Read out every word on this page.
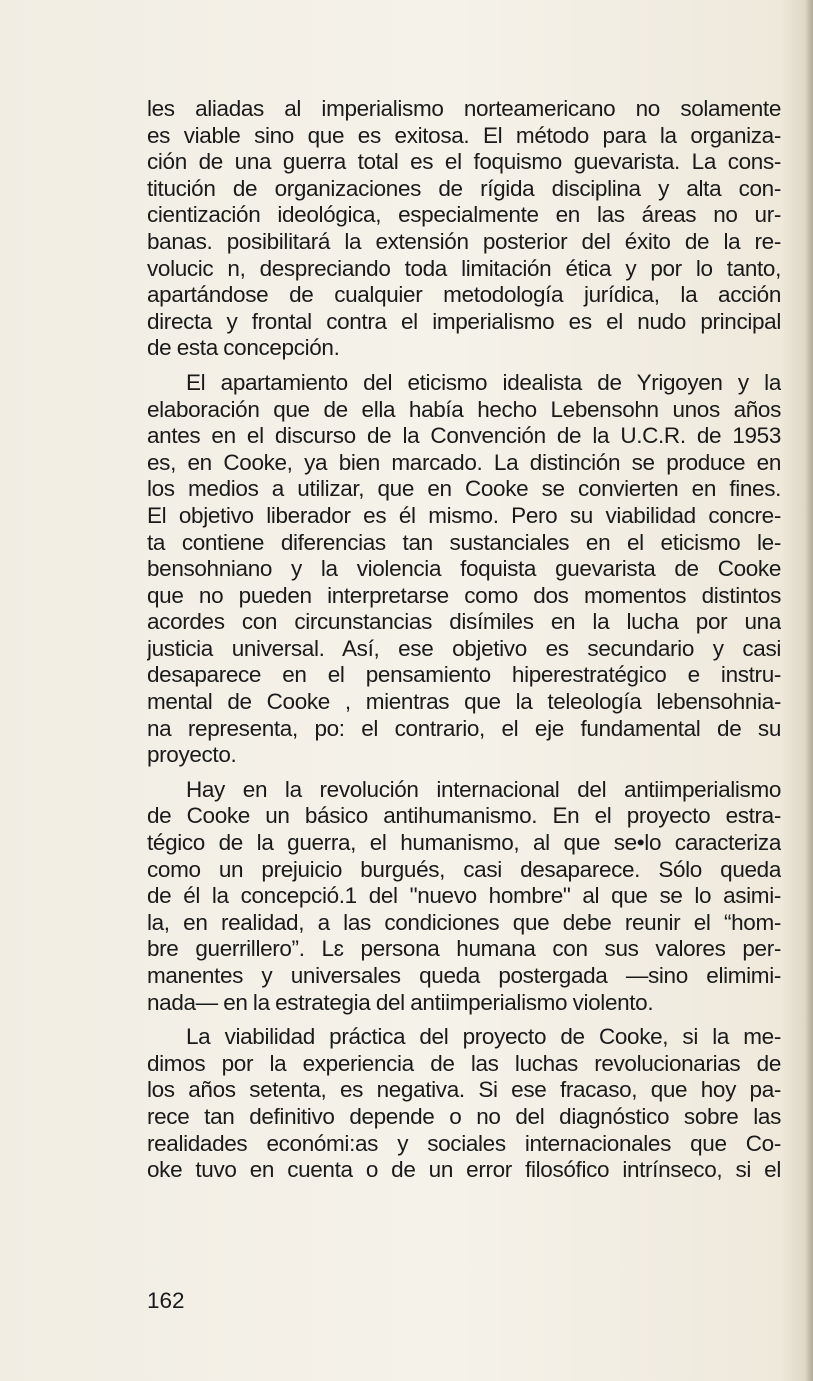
les aliadas al imperialismo norteamericano no solamente
es viable sino que es exitosa. El método para la organiza-
ción de una guerra total es el foquismo guevarista. La cons-
titución de organizaciones de rígida disciplina y alta con-
cientización ideológica, especialmente en las áreas no ur-
banas. posibilitará la extensión posterior del éxito de la re-
volucic n, despreciando toda limitación ética y por lo tanto,
apartándose de cualquier metodología jurídica, la acción
directa y frontal contra el imperialismo es el nudo principal
de esta concepción.

El apartamiento del eticismo idealista de Yrigoyen y la
elaboración que de ella había hecho Lebensohn unos años
antes en el discurso de la Convención de la U.C.R. de 1953
es, en Cooke, ya bien marcado. La distinción se produce en
los medios a utilizar, que en Cooke se convierten en fines.
El objetivo liberador es él mismo. Pero su viabilidad concre-
ta contiene diferencias tan sustanciales en el eticismo le-
bensohniano y la violencia foquista guevarista de Cooke
que no pueden interpretarse como dos momentos distintos
acordes con circunstancias disímiles en la lucha por una
justicia universal. Así, ese objetivo es secundario y casi
desaparece en el pensamiento hiperestratégico e instru-
mental de Cooke , mientras que la teleología lebensohnia-
na representa, po: el contrario, el eje fundamental de su
proyecto.

Hay en la revolución internacional del antiimperialismo
de Cooke un básico antihumanismo. En el proyecto estra-
tégico de la guerra, el humanismo, al que se•lo caracteriza
como un prejuicio burgués, casi desaparece. Sólo queda
de él la concepció.1 del "nuevo hombre" al que se lo asimi-
la, en realidad, a las condiciones que debe reunir el “hom-
bre guerrillero”. Lɛ persona humana con sus valores per-
manentes y universales queda postergada —sino elimimi-
nada— en la estrategia del antiimperialismo violento.

La viabilidad práctica del proyecto de Cooke, si la me-
dimos por la experiencia de las luchas revolucionarias de
los años setenta, es negativa. Si ese fracaso, que hoy pa-
rece tan definitivo depende o no del diagnóstico sobre las
realidades económi:as y sociales internacionales que Co-
oke tuvo en cuenta o de un error filosófico intrínseco, si el

162
